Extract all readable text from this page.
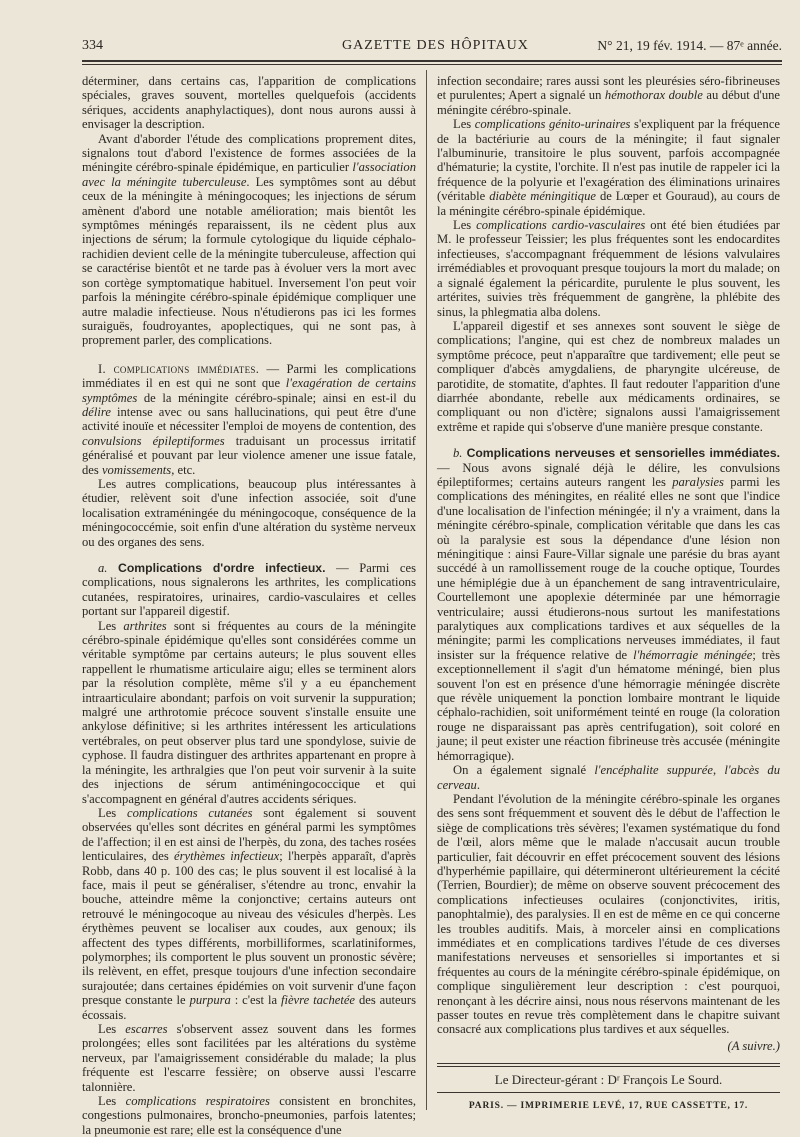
334	GAZETTE DES HÔPITAUX	N° 21, 19 fév. 1914. — 87ᵉ année.

déterminer, dans certains cas, l'apparition de complications spéciales, graves souvent, mortelles quelquefois (accidents sériques, accidents anaphylactiques), dont nous aurons aussi à envisager la description.

Avant d'aborder l'étude des complications proprement dites, signalons tout d'abord l'existence de formes associées de la méningite cérébro-spinale épidémique, en particulier l'association avec la méningite tuberculeuse. Les symptômes sont au début ceux de la méningite à méningocoques; les injections de sérum amènent d'abord une notable amélioration; mais bientôt les symptômes méningés reparaissent, ils ne cèdent plus aux injections de sérum; la formule cytologique du liquide céphalo-rachidien devient celle de la méningite tuberculeuse, affection qui se caractérise bientôt et ne tarde pas à évoluer vers la mort avec son cortège symptomatique habituel. Inversement l'on peut voir parfois la méningite cérébro-spinale épidémique compliquer une autre maladie infectieuse. Nous n'étudierons pas ici les formes suraiguës, foudroyantes, apoplectiques, qui ne sont pas, à proprement parler, des complications.

I. complications immédiates. — Parmi les complications immédiates il en est qui ne sont que l'exagération de certains symptômes de la méningite cérébro-spinale; ainsi en est-il du délire intense avec ou sans hallucinations, qui peut être d'une activité inouïe et nécessiter l'emploi de moyens de contention, des convulsions épileptiformes traduisant un processus irritatif généralisé et pouvant par leur violence amener une issue fatale, des vomissements, etc.

Les autres complications, beaucoup plus intéressantes à étudier, relèvent soit d'une infection associée, soit d'une localisation extraméningée du méningocoque, conséquence de la méningococcémie, soit enfin d'une altération du système nerveux ou des organes des sens.

a. Complications d'ordre infectieux. — Parmi ces complications, nous signalerons les arthrites, les complications cutanées, respiratoires, urinaires, cardio-vasculaires et celles portant sur l'appareil digestif.

Les arthrites sont si fréquentes au cours de la méningite cérébro-spinale épidémique qu'elles sont considérées comme un véritable symptôme par certains auteurs; le plus souvent elles rappellent le rhumatisme articulaire aigu; elles se terminent alors par la résolution complète, même s'il y a eu épanchement intraarticulaire abondant; parfois on voit survenir la suppuration; malgré une arthrotomie précoce souvent s'installe ensuite une ankylose définitive; si les arthrites intéressent les articulations vertébrales, on peut observer plus tard une spondylose, suivie de cyphose. Il faudra distinguer des arthrites appartenant en propre à la méningite, les arthralgies que l'on peut voir survenir à la suite des injections de sérum antiméningococcique et qui s'accompagnent en général d'autres accidents sériques.

Les complications cutanées sont également si souvent observées qu'elles sont décrites en général parmi les symptômes de l'affection; il en est ainsi de l'herpès, du zona, des taches rosées lenticulaires, des érythèmes infectieux; l'herpès apparaît, d'après Robb, dans 40 p. 100 des cas; le plus souvent il est localisé à la face, mais il peut se généraliser, s'étendre au tronc, envahir la bouche, atteindre même la conjonctive; certains auteurs ont retrouvé le méningocoque au niveau des vésicules d'herpès. Les érythèmes peuvent se localiser aux coudes, aux genoux; ils affectent des types différents, morbilliformes, scarlatiniformes, polymorphes; ils comportent le plus souvent un pronostic sévère; ils relèvent, en effet, presque toujours d'une infection secondaire surajoutée; dans certaines épidémies on voit survenir d'une façon presque constante le purpura : c'est la fièvre tachetée des auteurs écossais.

Les escarres s'observent assez souvent dans les formes prolongées; elles sont facilitées par les altérations du système nerveux, par l'amaigrissement considérable du malade; la plus fréquente est l'escarre fessière; on observe aussi l'escarre talonnière.

Les complications respiratoires consistent en bronchites, congestions pulmonaires, broncho-pneumonies, parfois latentes; la pneumonie est rare; elle est la conséquence d'une

infection secondaire; rares aussi sont les pleurésies séro-fibrineuses et purulentes; Apert a signalé un hémothorax double au début d'une méningite cérébro-spinale.

Les complications génito-urinaires s'expliquent par la fréquence de la bactériurie au cours de la méningite; il faut signaler l'albuminurie, transitoire le plus souvent, parfois accompagnée d'hématurie; la cystite, l'orchite. Il n'est pas inutile de rappeler ici la fréquence de la polyurie et l'exagération des éliminations urinaires (véritable diabète méningitique de Lœper et Gouraud), au cours de la méningite cérébro-spinale épidémique.

Les complications cardio-vasculaires ont été bien étudiées par M. le professeur Teissier; les plus fréquentes sont les endocardites infectieuses, s'accompagnant fréquemment de lésions valvulaires irrémédiables et provoquant presque toujours la mort du malade; on a signalé également la péricardite, purulente le plus souvent, les artérites, suivies très fréquemment de gangrène, la phlébite des sinus, la phlegmatia alba dolens.

L'appareil digestif et ses annexes sont souvent le siège de complications; l'angine, qui est chez de nombreux malades un symptôme précoce, peut n'apparaître que tardivement; elle peut se compliquer d'abcès amygdaliens, de pharyngite ulcéreuse, de parotidite, de stomatite, d'aphtes. Il faut redouter l'apparition d'une diarrhée abondante, rebelle aux médicaments ordinaires, se compliquant ou non d'ictère; signalons aussi l'amaigrissement extrême et rapide qui s'observe d'une manière presque constante.

b. Complications nerveuses et sensorielles immédiates. — Nous avons signalé déjà le délire, les convulsions épileptiformes; certains auteurs rangent les paralysies parmi les complications des méningites, en réalité elles ne sont que l'indice d'une localisation de l'infection méningée; il n'y a vraiment, dans la méningite cérébro-spinale, complication véritable que dans les cas où la paralysie est sous la dépendance d'une lésion non méningitique : ainsi Faure-Villar signale une parésie du bras ayant succédé à un ramollissement rouge de la couche optique, Tourdes une hémiplégie due à un épanchement de sang intraventriculaire, Courtellemont une apoplexie déterminée par une hémorragie ventriculaire; aussi étudierons-nous surtout les manifestations paralytiques aux complications tardives et aux séquelles de la méningite; parmi les complications nerveuses immédiates, il faut insister sur la fréquence relative de l'hémorragie méningée; très exceptionnellement il s'agit d'un hématome méningé, bien plus souvent l'on est en présence d'une hémorragie méningée discrète que révèle uniquement la ponction lombaire montrant le liquide céphalo-rachidien, soit uniformément teinté en rouge (la coloration rouge ne disparaissant pas après centrifugation), soit coloré en jaune; il peut exister une réaction fibrineuse très accusée (méningite hémorragique).

On a également signalé l'encéphalite suppurée, l'abcès du cerveau.

Pendant l'évolution de la méningite cérébro-spinale les organes des sens sont fréquemment et souvent dès le début de l'affection le siège de complications très sévères; l'examen systématique du fond de l'œil, alors même que le malade n'accusait aucun trouble particulier, fait découvrir en effet précocement souvent des lésions d'hyperhémie papillaire, qui détermineront ultérieurement la cécité (Terrien, Bourdier); de même on observe souvent précocement des complications infectieuses oculaires (conjonctivites, iritis, panophtalmie), des paralysies. Il en est de même en ce qui concerne les troubles auditifs. Mais, à morceler ainsi en complications immédiates et en complications tardives l'étude de ces diverses manifestations nerveuses et sensorielles si importantes et si fréquentes au cours de la méningite cérébro-spinale épidémique, on complique singulièrement leur description : c'est pourquoi, renonçant à les décrire ainsi, nous nous réservons maintenant de les passer toutes en revue très complètement dans le chapitre suivant consacré aux complications plus tardives et aux séquelles.

(A suivre.)

Le Directeur-gérant : Dʳ François Le Sourd.
PARIS. — IMPRIMERIE LEVÉ, 17, RUE CASSETTE, 17.
